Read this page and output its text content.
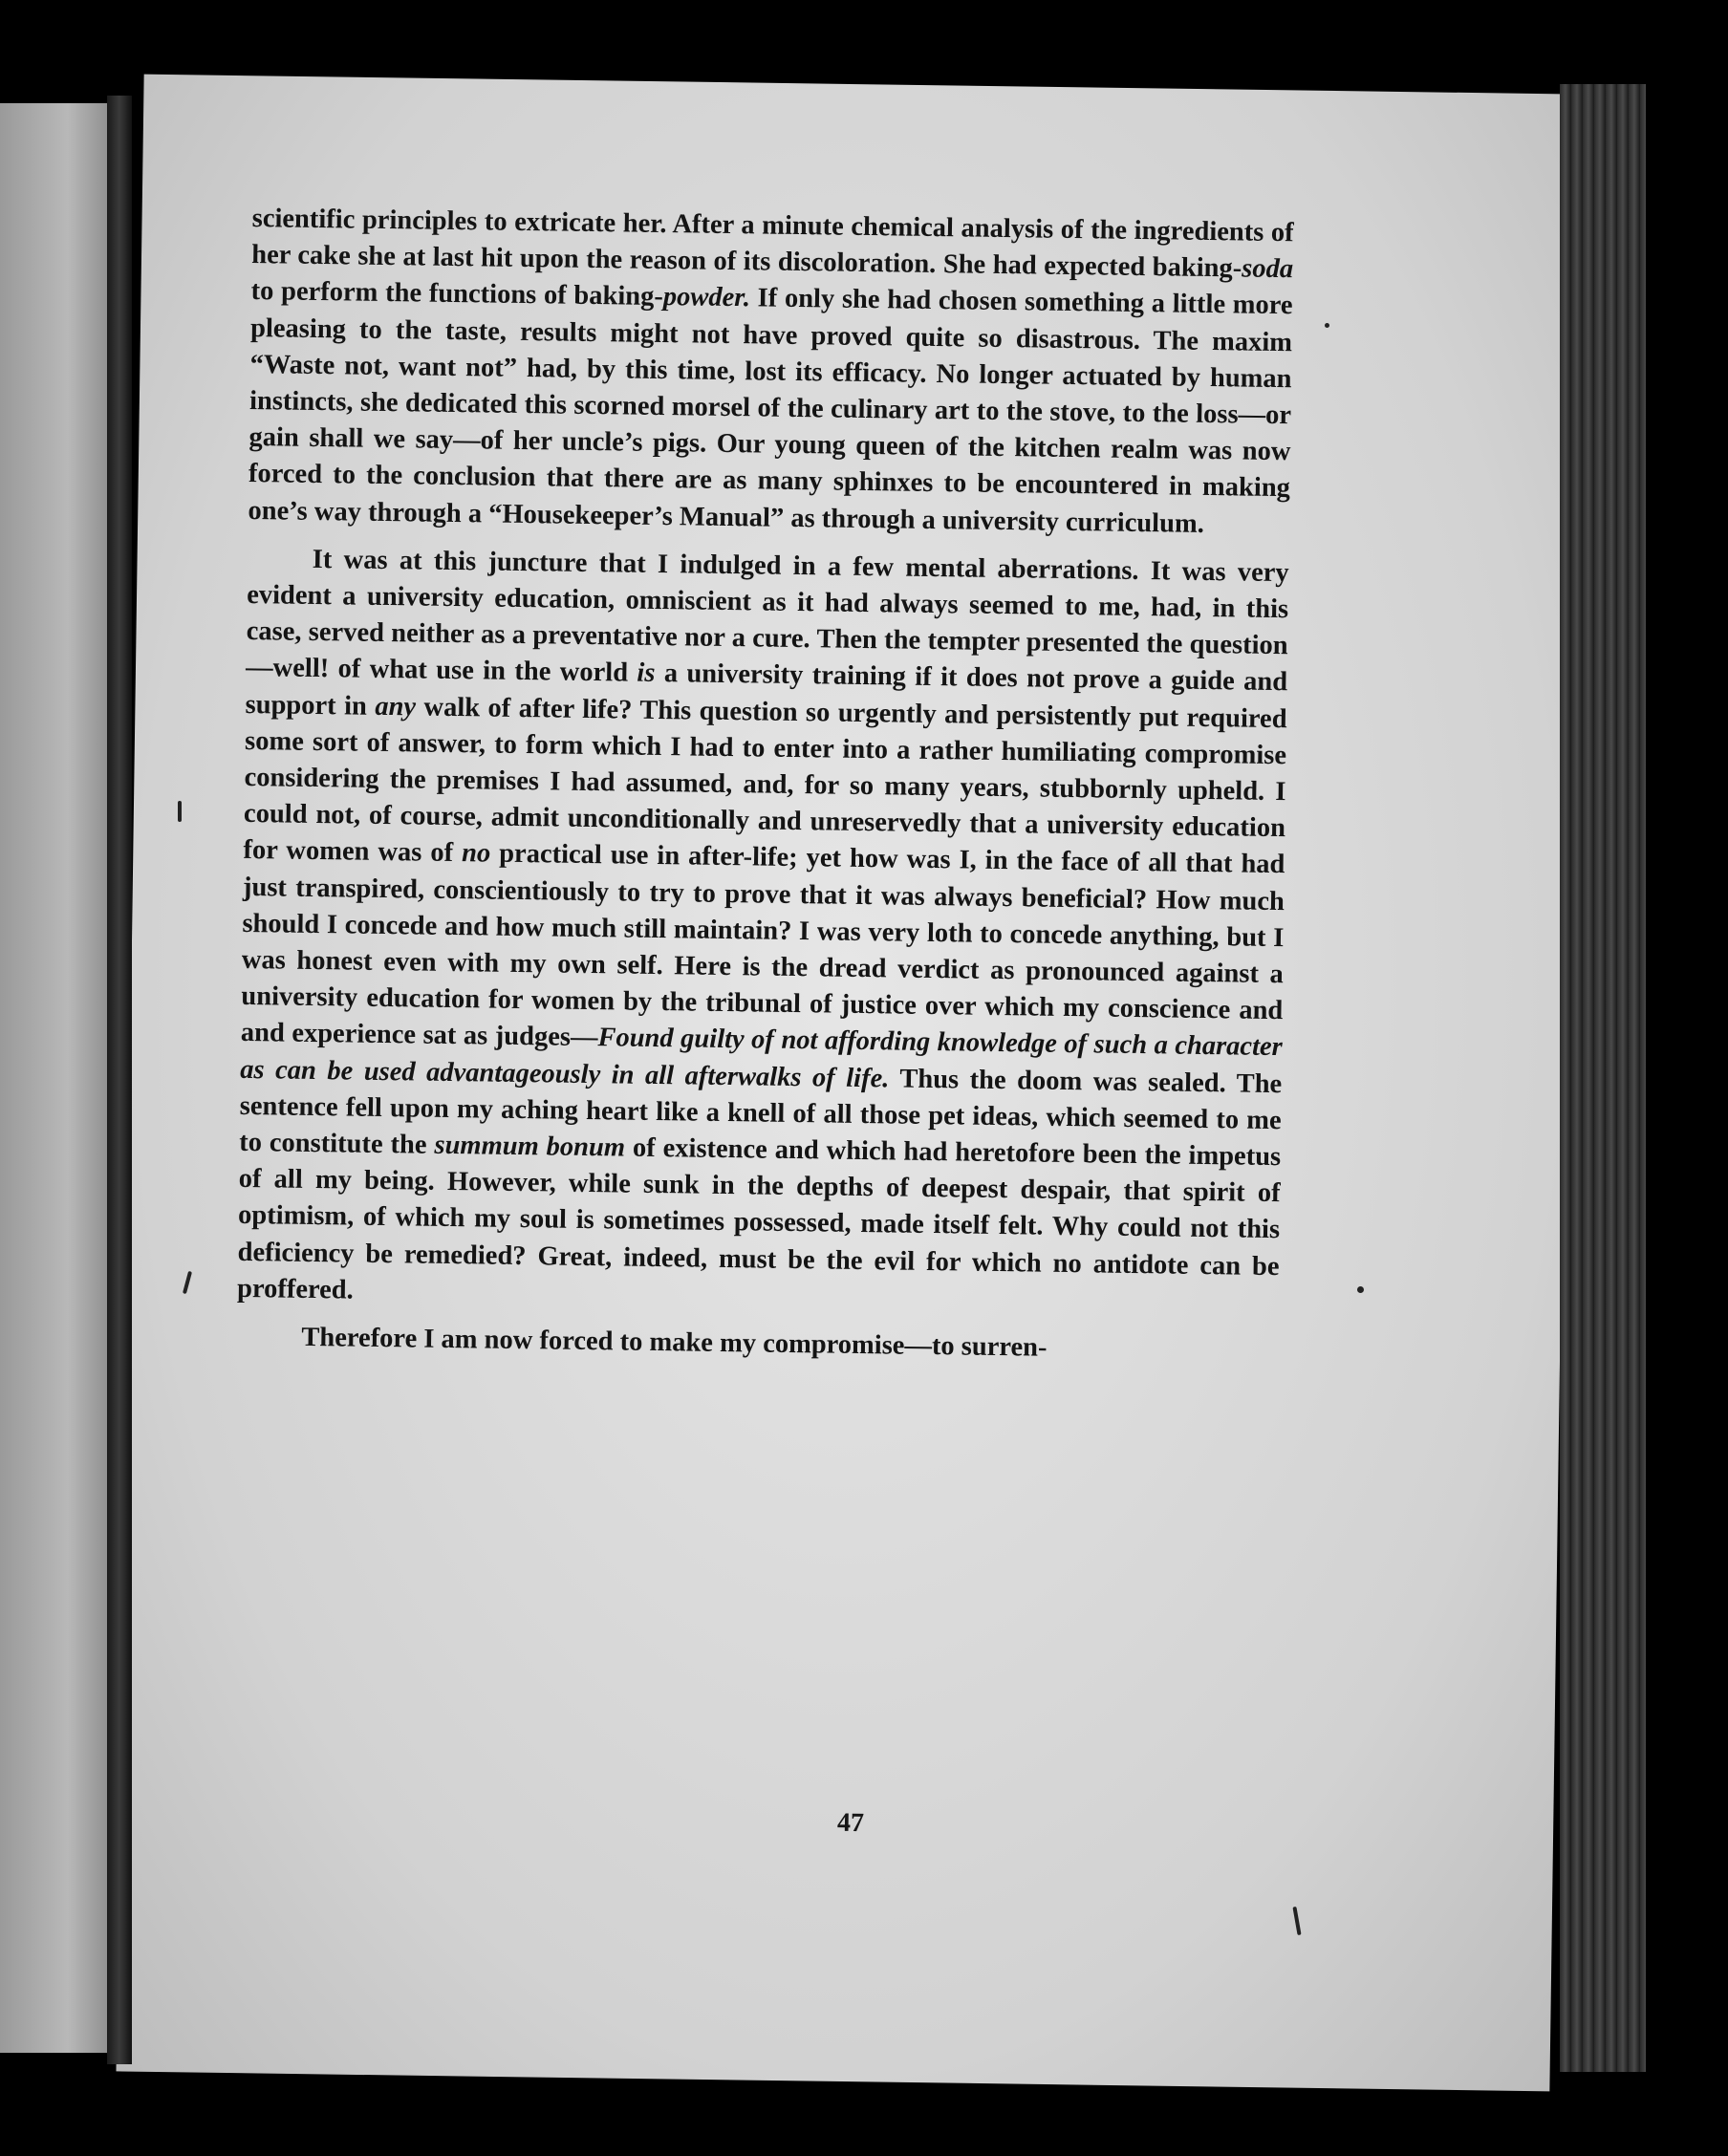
scientific principles to extricate her. After a minute chemical analysis of the ingredients of her cake she at last hit upon the reason of its discoloration. She had expected baking-soda to perform the functions of baking-powder. If only she had chosen something a little more pleasing to the taste, results might not have proved quite so disastrous. The maxim “Waste not, want not” had, by this time, lost its efficacy. No longer actuated by human instincts, she dedicated this scorned morsel of the culinary art to the stove, to the loss—or gain shall we say—of her uncle’s pigs. Our young queen of the kitchen realm was now forced to the conclusion that there are as many sphinxes to be encountered in making one’s way through a “Housekeeper’s Manual” as through a university curriculum.

It was at this juncture that I indulged in a few mental aberrations. It was very evident a university education, omniscient as it had always seemed to me, had, in this case, served neither as a preventative nor a cure. Then the tempter presented the question—well! of what use in the world is a university training if it does not prove a guide and support in any walk of after life? This question so urgently and persistently put required some sort of answer, to form which I had to enter into a rather humiliating compromise considering the premises I had assumed, and, for so many years, stubbornly upheld. I could not, of course, admit unconditionally and unreservedly that a university education for women was of no practical use in after-life; yet how was I, in the face of all that had just transpired, conscientiously to try to prove that it was always beneficial? How much should I concede and how much still maintain? I was very loth to concede anything, but I was honest even with my own self. Here is the dread verdict as pronounced against a university education for women by the tribunal of justice over which my conscience and and experience sat as judges—Found guilty of not affording knowledge of such a character as can be used advantageously in all afterwalks of life. Thus the doom was sealed. The sentence fell upon my aching heart like a knell of all those pet ideas, which seemed to me to constitute the summum bonum of existence and which had heretofore been the impetus of all my being. However, while sunk in the depths of deepest despair, that spirit of optimism, of which my soul is sometimes possessed, made itself felt. Why could not this deficiency be remedied? Great, indeed, must be the evil for which no antidote can be proffered.

Therefore I am now forced to make my compromise—to surren-

47
